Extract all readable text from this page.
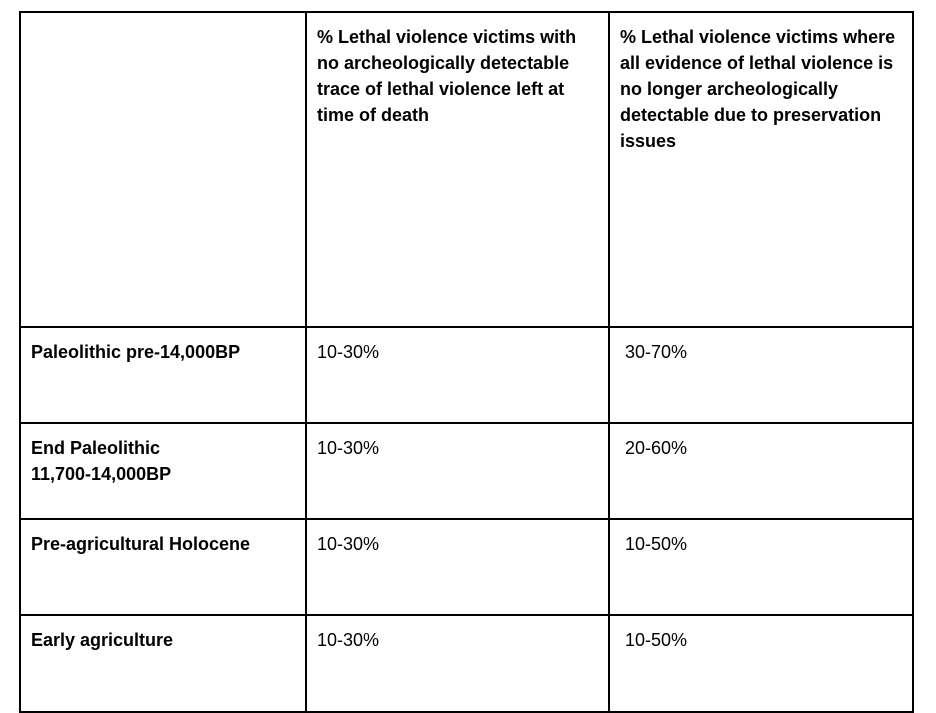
	% Lethal violence victims with no archeologically detectable trace of lethal violence left at time of death	% Lethal violence victims where all evidence of lethal violence is no longer archeologically detectable due to preservation issues
Paleolithic pre-14,000BP	10-30%	30-70%

End Paleolithic
11,700-14,000BP	10-30%	20-60%

Pre-agricultural Holocene	10-30%	10-50%

Early agriculture	10-30%	10-50%
